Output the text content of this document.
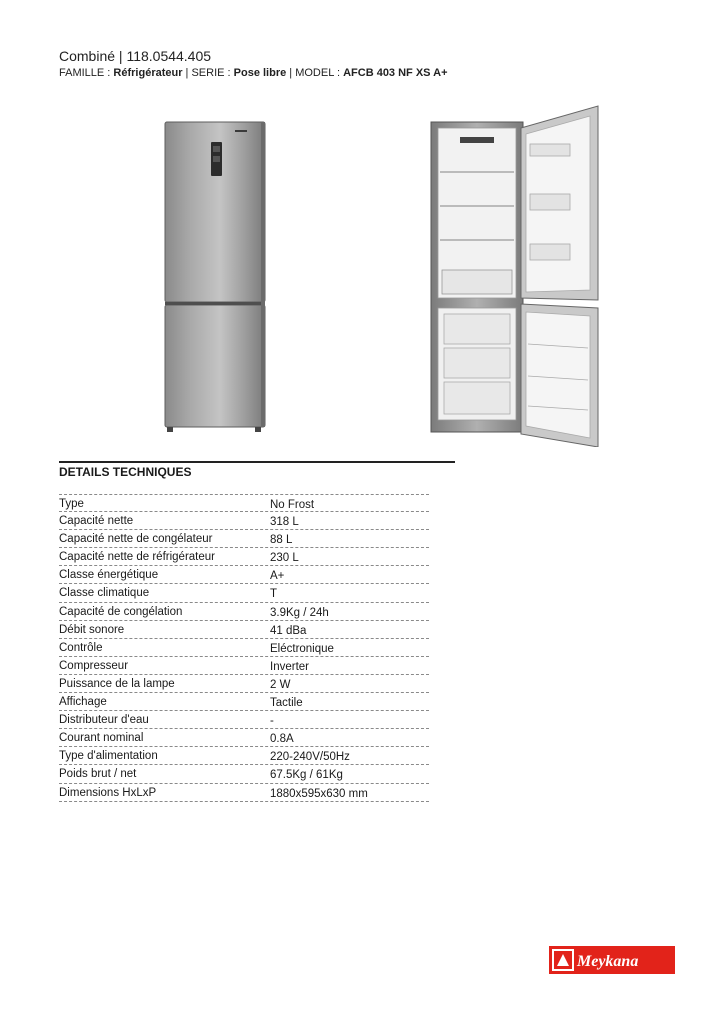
Combiné | 118.0544.405
FAMILLE : Réfrigérateur | SERIE : Pose libre | MODEL : AFCB 403 NF XS A+
DETAILS TECHNIQUES
Type	No Frost
Capacité nette	318 L
Capacité nette de congélateur	88 L
Capacité nette de réfrigérateur	230 L
Classe énergétique	A+
Classe climatique	T
Capacité de congélation	3.9Kg / 24h
Débit sonore	41 dBa
Contrôle	Eléctronique
Compresseur	Inverter
Puissance de la lampe	2 W
Affichage	Tactile
Distributeur d'eau	-
Courant nominal	0.8A
Type d'alimentation	220-240V/50Hz
Poids brut / net	67.5Kg / 61Kg
Dimensions HxLxP	1880x595x630 mm
Meykana
